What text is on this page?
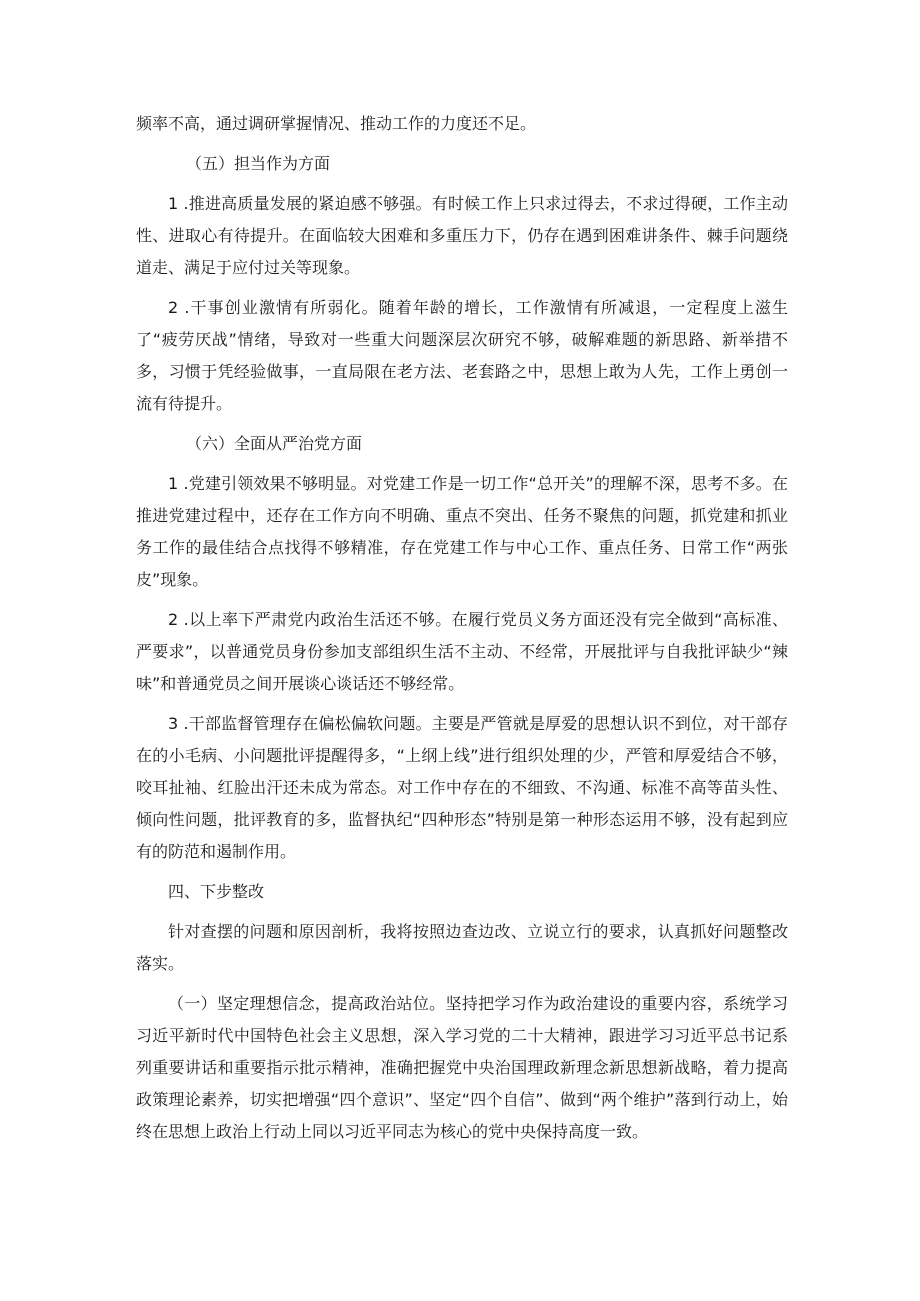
频率不高，通过调研掌握情况、推动工作的力度还不足。

（五）担当作为方面

1 .推进高质量发展的紧迫感不够强。有时候工作上只求过得去，不求过得硬，工作主动性、进取心有待提升。在面临较大困难和多重压力下，仍存在遇到困难讲条件、棘手问题绕道走、满足于应付过关等现象。

2 .干事创业激情有所弱化。随着年龄的增长，工作激情有所减退，一定程度上滋生了“疲劳厌战”情绪，导致对一些重大问题深层次研究不够，破解难题的新思路、新举措不多，习惯于凭经验做事，一直局限在老方法、老套路之中，思想上敢为人先，工作上勇创一流有待提升。

（六）全面从严治党方面

1 .党建引领效果不够明显。对党建工作是一切工作“总开关”的理解不深，思考不多。在推进党建过程中，还存在工作方向不明确、重点不突出、任务不聚焦的问题，抓党建和抓业务工作的最佳结合点找得不够精准，存在党建工作与中心工作、重点任务、日常工作“两张皮”现象。

2 .以上率下严肃党内政治生活还不够。在履行党员义务方面还没有完全做到“高标准、严要求”，以普通党员身份参加支部组织生活不主动、不经常，开展批评与自我批评缺少“辣味”和普通党员之间开展谈心谈话还不够经常。

3 .干部监督管理存在偏松偏软问题。主要是严管就是厚爱的思想认识不到位，对干部存在的小毛病、小问题批评提醒得多，“上纲上线”进行组织处理的少，严管和厚爱结合不够，咬耳扯袖、红脸出汗还未成为常态。对工作中存在的不细致、不沟通、标准不高等苗头性、倾向性问题，批评教育的多，监督执纪“四种形态”特别是第一种形态运用不够，没有起到应有的防范和遏制作用。

四、下步整改

针对查摆的问题和原因剖析，我将按照边查边改、立说立行的要求，认真抓好问题整改落实。

（一）坚定理想信念，提高政治站位。坚持把学习作为政治建设的重要内容，系统学习习近平新时代中国特色社会主义思想，深入学习党的二十大精神，跟进学习习近平总书记系列重要讲话和重要指示批示精神，准确把握党中央治国理政新理念新思想新战略，着力提高政策理论素养，切实把增强“四个意识”、坚定“四个自信”、做到“两个维护”落到行动上，始终在思想上政治上行动上同以习近平同志为核心的党中央保持高度一致。
